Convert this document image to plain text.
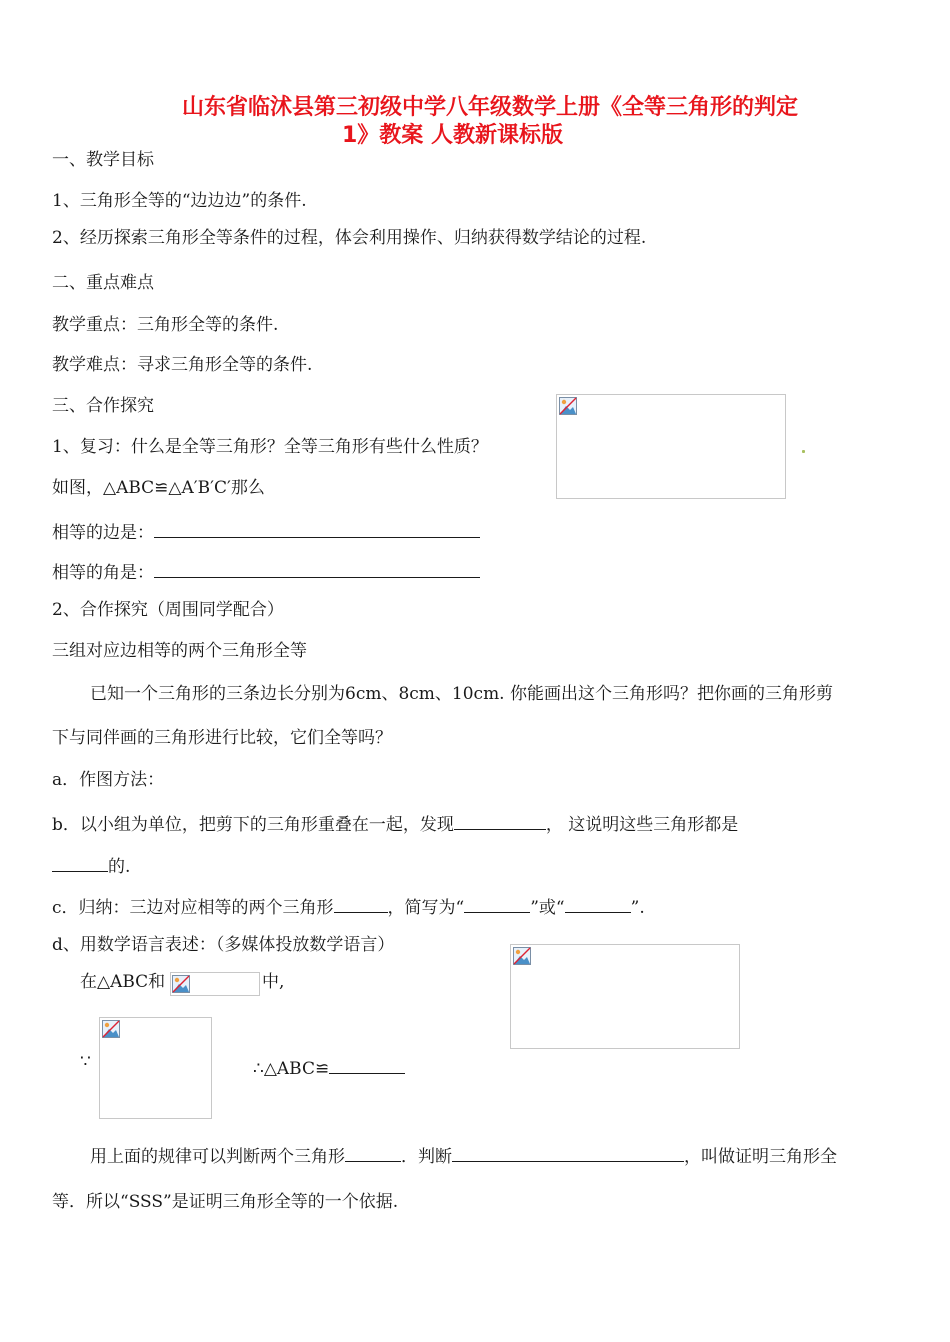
山东省临沭县第三初级中学八年级数学上册《全等三角形的判定
1》教案 人教新课标版
一、教学目标
1、三角形全等的“边边边”的条件.
2、经历探索三角形全等条件的过程，体会利用操作、归纳获得数学结论的过程.
二、重点难点
教学重点：三角形全等的条件.
教学难点：寻求三角形全等的条件.
三、合作探究
1、复习：什么是全等三角形？全等三角形有些什么性质？
如图，△ABC≌△A′B′C′那么
相等的边是：
相等的角是：
2、合作探究（周围同学配合）
三组对应边相等的两个三角形全等
已知一个三角形的三条边长分别为6cm、8cm、10cm. 你能画出这个三角形吗？把你画的三角形剪
下与同伴画的三角形进行比较，它们全等吗？
a．作图方法：
b．以小组为单位，把剪下的三角形重叠在一起，发现	， 这说明这些三角形都是
的.
c．归纳：三边对应相等的两个三角形	，简写为“	”或“	”.
d、用数学语言表述：（多媒体投放数学语言）
在△ABC和	中,
∵	∴△ABC≌
用上面的规律可以判断两个三角形	．判断	，叫做证明三角形全
等．所以“SSS”是证明三角形全等的一个依据.
